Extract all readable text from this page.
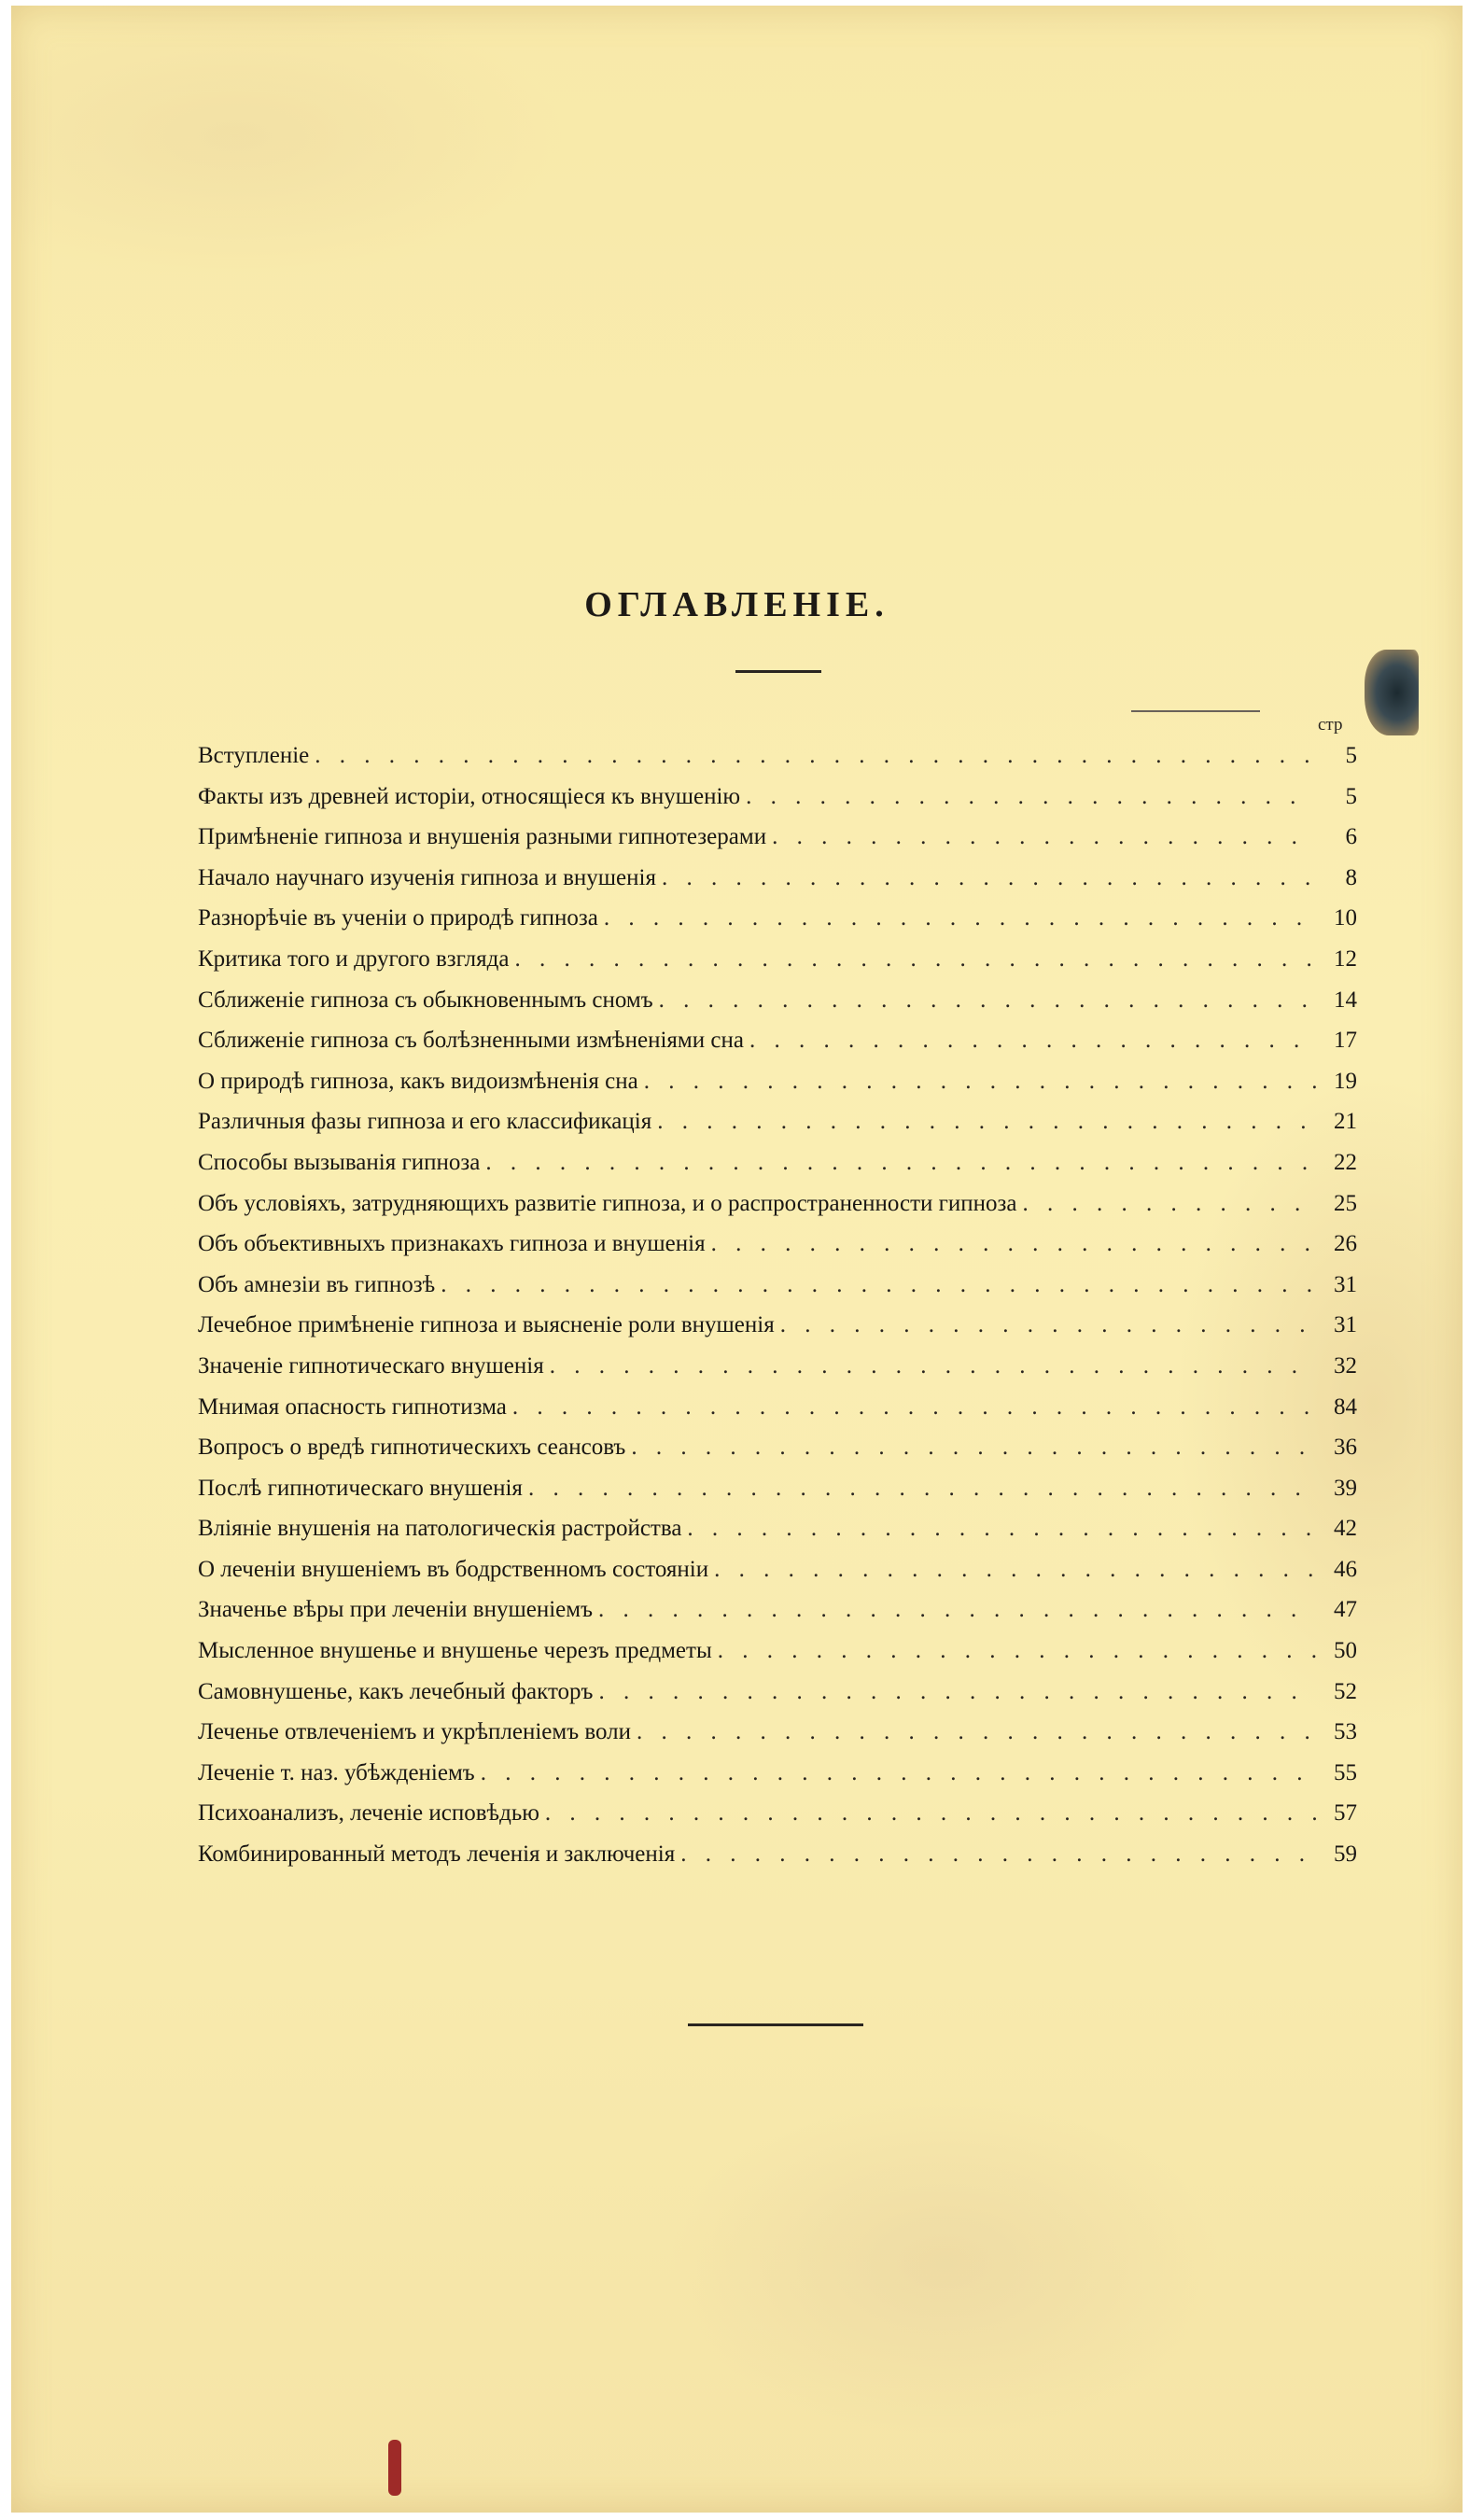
ОГЛАВЛЕНІЕ.
стр
Вступленіе . . .	5
Факты изъ древней исторіи, относящіеся къ внушенію . . .	5
Примѣненіе гипноза и внушенія разными гипнотезерами . . .	6
Начало научнаго изученія гипноза и внушенія . . .	8
Разнорѣчіе въ ученіи о природѣ гипноза . . .	10
Критика того и другого взгляда . . .	12
Сближеніе гипноза съ обыкновеннымъ сномъ . . .	14
Сближеніе гипноза съ болѣзненными измѣненіями сна . . .	17
О природѣ гипноза, какъ видоизмѣненія сна . . .	19
Различныя фазы гипноза и его классификація . . .	21
Способы вызыванія гипноза . . .	22
Объ условіяхъ, затрудняющихъ развитіе гипноза, и о распространенности гипноза . . .	25
Объ объективныхъ признакахъ гипноза и внушенія . . .	26
Объ амнезіи въ гипнозѣ . . .	31
Лечебное примѣненіе гипноза и выясненіе роли внушенія . . .	31
Значеніе гипнотическаго внушенія . . .	32
Мнимая опасность гипнотизма . . .	84
Вопросъ о вредѣ гипнотическихъ сеансовъ . . .	36
Послѣ гипнотическаго внушенія . . .	39
Вліяніе внушенія на патологическія растройства . . .	42
О леченіи внушеніемъ въ бодрственномъ состояніи . . .	46
Значенье вѣры при леченіи внушеніемъ . . .	47
Мысленное внушенье и внушенье черезъ предметы . . .	50
Самовнушенье, какъ лечебный факторъ . . .	52
Леченье отвлеченіемъ и укрѣпленіемъ воли . . .	53
Леченіе т. наз. убѣжденіемъ . . .	55
Психоанализъ, леченіе исповѣдью . . .	57
Комбинированный методъ леченія и заключенія . . .	59
